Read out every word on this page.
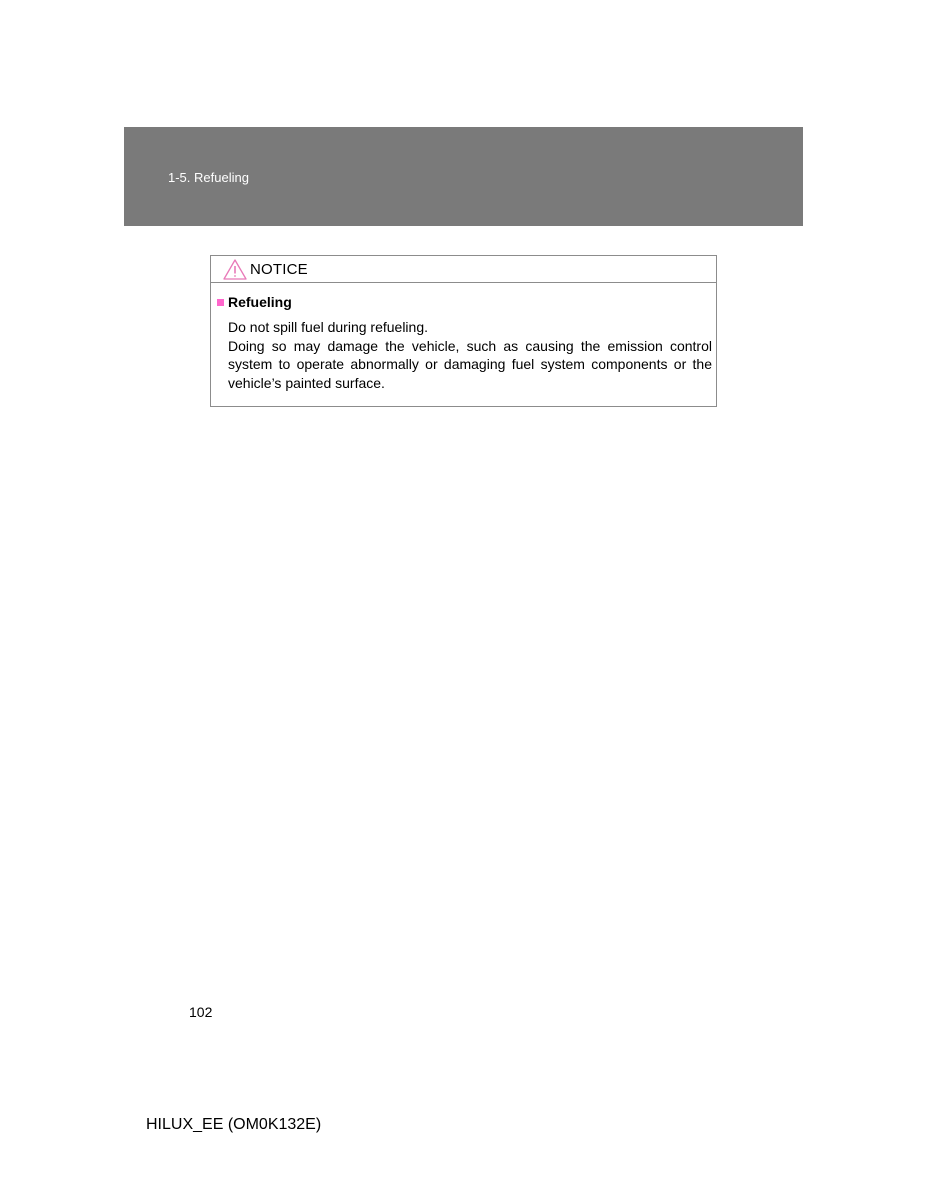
1-5. Refueling
NOTICE
Refueling

Do not spill fuel during refueling.

Doing so may damage the vehicle, such as causing the emission control system to operate abnormally or damaging fuel system components or the vehicle’s painted surface.

102
HILUX_EE (OM0K132E)
